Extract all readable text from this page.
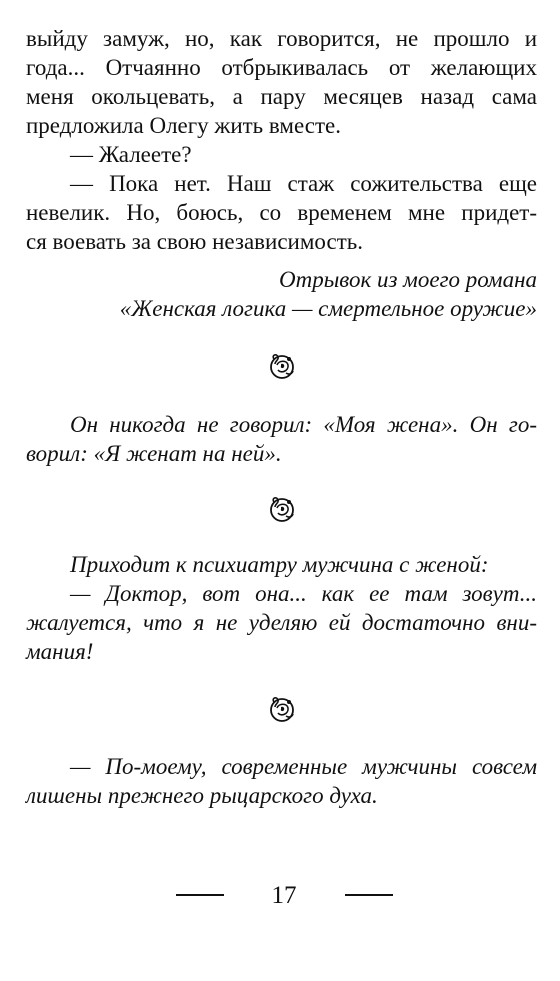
выйду замуж, но, как говорится, не прошло и

года... Отчаянно отбрыкивалась от желающих

меня окольцевать, а пару месяцев назад сама

предложила Олегу жить вместе.

— Жалеете?

— Пока нет. Наш стаж сожительства еще

невелик. Но, боюсь, со временем мне придет-

ся воевать за свою независимость.

Отрывок из моего романа

«Женская логика — смертельное оружие»

Он никогда не говорил: «Моя жена». Он го-

ворил: «Я женат на ней».

Приходит к психиатру мужчина с женой:

— Доктор, вот она... как ее там зовут...

жалуется, что я не уделяю ей достаточно вни-

мания!

— По-моему, современные мужчины совсем

лишены прежнего рыцарского духа.

17
